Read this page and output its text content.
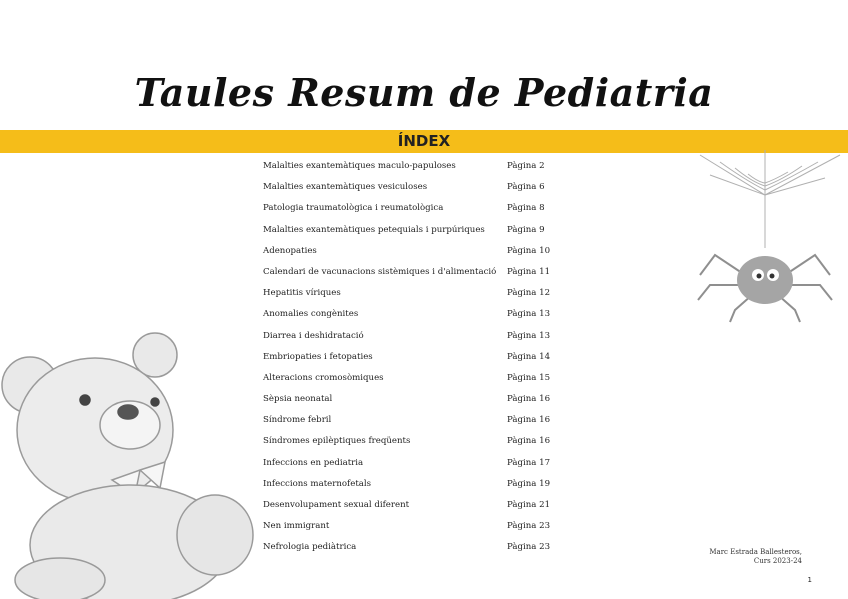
Taules Resum de Pediatria
ÍNDEX
Malalties exantemàtiques maculo-papuloses	Pàgina 2
Malalties exantemàtiques vesiculoses	Pàgina 6
Patologia traumatològica i reumatològica	Pàgina 8
Malalties exantemàtiques petequials i purpúriques	Pàgina 9
Adenopaties	Pàgina 10
Calendari de vacunacions sistèmiques i d'alimentació Pàgina 11
Hepatitis víriques	Pàgina 12
Anomalies congènites	Pàgina 13
Diarrea i deshidratació	Pàgina 13
Embriopaties i fetopaties	Pàgina 14
Alteracions cromosòmiques	Pàgina 15
Sèpsia neonatal	Pàgina 16
Síndrome febril	Pàgina 16
Síndromes epilèptiques freqüents	Pàgina 16
Infeccions en pediatria	Pàgina 17
Infeccions maternofetals	Pàgina 19
Desenvolupament sexual diferent	Pàgina 21
Nen immigrant	Pàgina 23
Nefrologia pediàtrica	Pàgina 23	Marc Estrada Ballesteros,
Curs 2023-24
1
